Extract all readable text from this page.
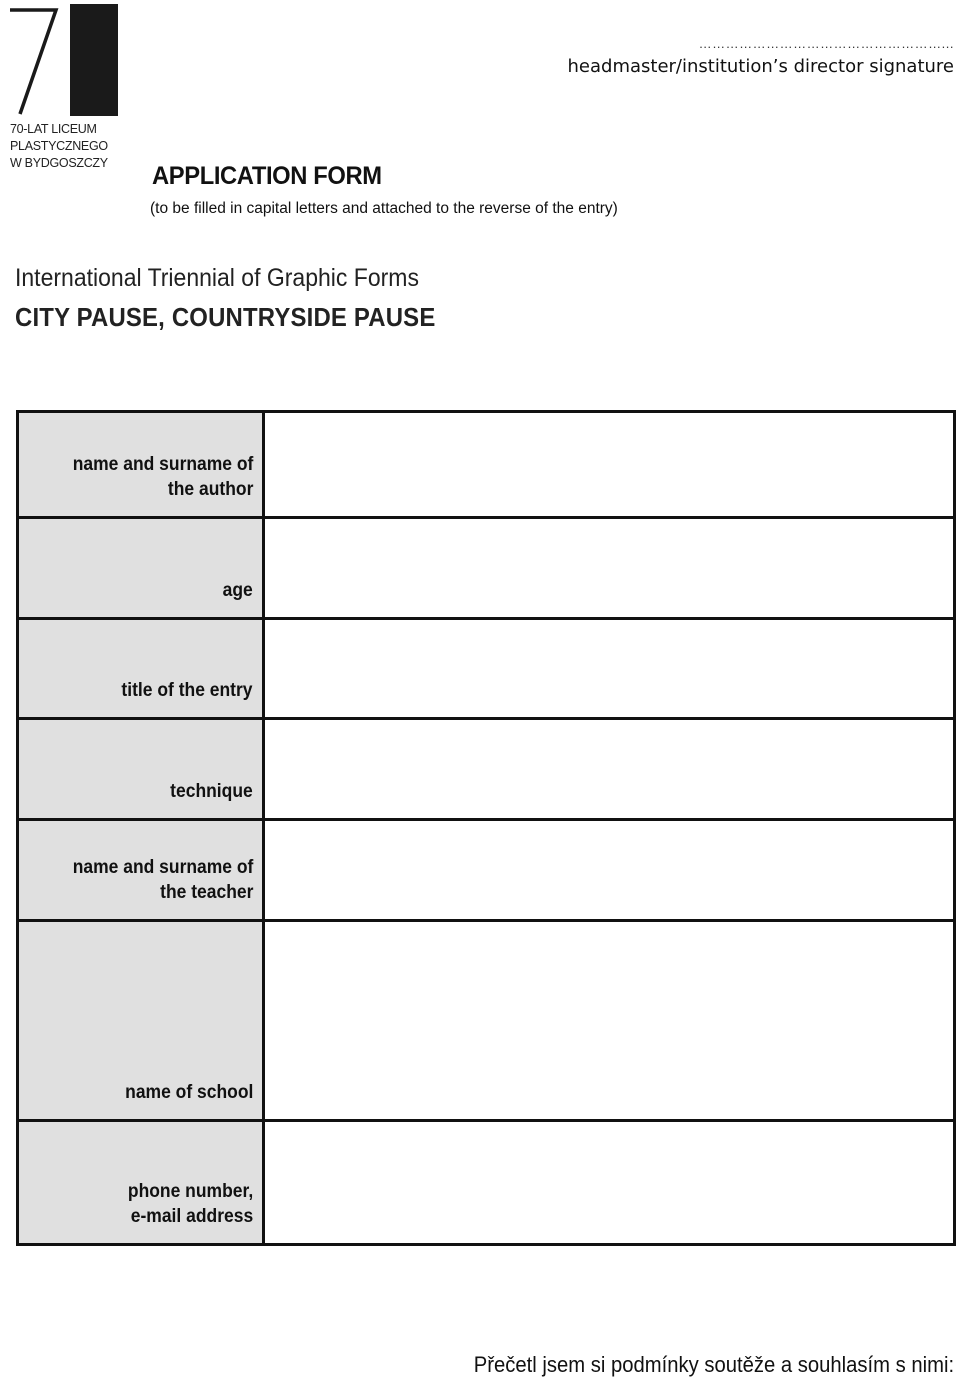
70-LAT LICEUM
PLASTYCZNEGO
W BYDGOSZCZY
………………………………………………...
headmaster/institution’s director signature
APPLICATION FORM
(to be filled in capital letters and attached to the reverse of the entry)
International Triennial of Graphic Forms
CITY PAUSE, COUNTRYSIDE PAUSE
name and surname of
the author
age
title of the entry
technique
name and surname of
the teacher
name of school
phone number,
e-mail address
Přečetl jsem si podmínky soutěže a souhlasím s nimi:
